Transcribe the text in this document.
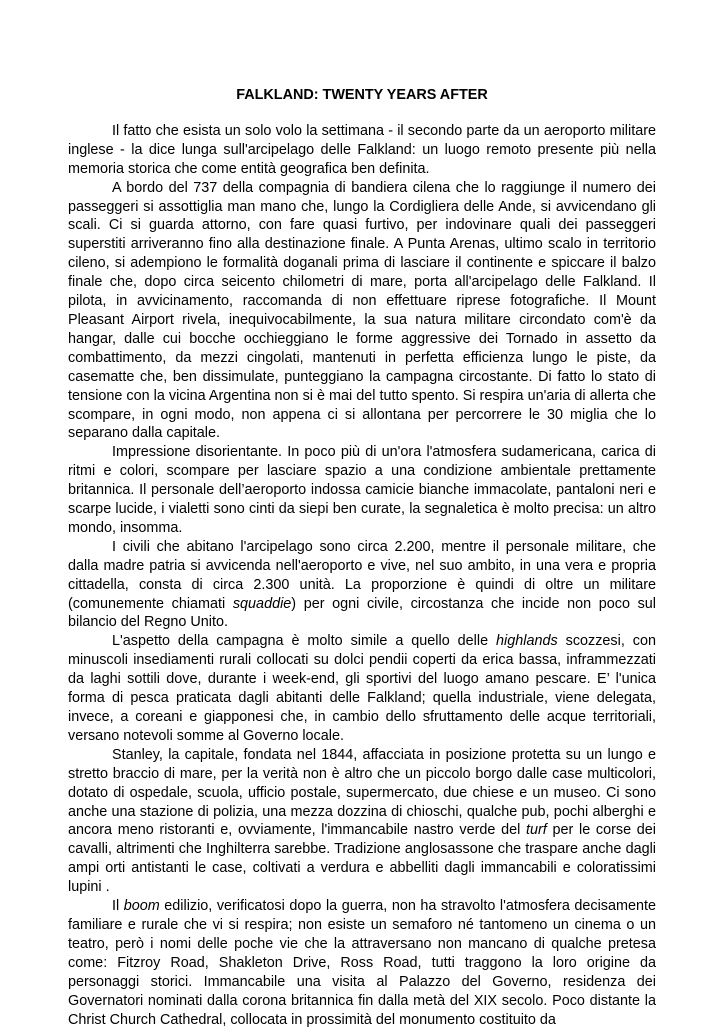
FALKLAND: TWENTY YEARS AFTER

Il fatto che esista un solo volo la settimana - il secondo parte da un aeroporto militare inglese - la dice lunga sull'arcipelago delle Falkland: un luogo remoto presente più nella memoria storica che come entità geografica ben definita.

A bordo del 737 della compagnia di bandiera cilena che lo raggiunge il numero dei passeggeri si assottiglia man mano che, lungo la Cordigliera delle Ande, si avvicendano gli scali. Ci si guarda attorno, con fare quasi furtivo, per indovinare quali dei passeggeri superstiti arriveranno fino alla destinazione finale. A Punta Arenas, ultimo scalo in territorio cileno, si adempiono le formalità doganali prima di lasciare il continente e spiccare il balzo finale che, dopo circa seicento chilometri di mare, porta all'arcipelago delle Falkland. Il pilota, in avvicinamento, raccomanda di non effettuare riprese fotografiche. Il Mount Pleasant Airport rivela, inequivocabilmente, la sua natura militare circondato com'è da hangar, dalle cui bocche occhieggiano le forme aggressive dei Tornado in assetto da combattimento, da mezzi cingolati, mantenuti in perfetta efficienza lungo le piste, da casematte che, ben dissimulate, punteggiano la campagna circostante. Di fatto lo stato di tensione con la vicina Argentina non si è mai del tutto spento. Si respira un'aria di allerta che scompare, in ogni modo, non appena ci si allontana per percorrere le 30 miglia che lo separano dalla capitale.

Impressione disorientante. In poco più di un'ora l'atmosfera sudamericana, carica di ritmi e colori, scompare per lasciare spazio a una condizione ambientale prettamente britannica. Il personale dell’aeroporto indossa camicie bianche immacolate, pantaloni neri e scarpe lucide, i vialetti sono cinti da siepi ben curate, la segnaletica è molto precisa: un altro mondo, insomma.

I civili che abitano l'arcipelago sono circa 2.200, mentre il personale militare, che dalla madre patria si avvicenda nell'aeroporto e vive, nel suo ambito, in una vera e propria cittadella, consta di circa 2.300 unità. La proporzione è quindi di oltre un militare (comunemente chiamati squaddie) per ogni civile, circostanza che incide non poco sul bilancio del Regno Unito.

L'aspetto della campagna è molto simile a quello delle highlands scozzesi, con minuscoli insediamenti rurali collocati su dolci pendii coperti da erica bassa, inframmezzati da laghi sottili dove, durante i week-end, gli sportivi del luogo amano pescare. E’ l'unica forma di pesca praticata dagli abitanti delle Falkland; quella industriale, viene delegata, invece, a coreani e giapponesi che, in cambio dello sfruttamento delle acque territoriali, versano notevoli somme al Governo locale.

Stanley, la capitale, fondata nel 1844, affacciata in posizione protetta su un lungo e stretto braccio di mare, per la verità non è altro che un piccolo borgo dalle case multicolori, dotato di ospedale, scuola, ufficio postale, supermercato, due chiese e un museo. Ci sono anche una stazione di polizia, una mezza dozzina di chioschi, qualche pub, pochi alberghi e ancora meno ristoranti e, ovviamente, l'immancabile nastro verde del turf per le corse dei cavalli, altrimenti che Inghilterra sarebbe. Tradizione anglosassone che traspare anche dagli ampi orti antistanti le case, coltivati a verdura e abbelliti dagli immancabili e coloratissimi lupini .

Il boom edilizio, verificatosi dopo la guerra, non ha stravolto l'atmosfera decisamente familiare e rurale che vi si respira; non esiste un semaforo né tantomeno un cinema o un teatro, però i nomi delle poche vie che la attraversano non mancano di qualche pretesa come: Fitzroy Road, Shakleton Drive, Ross Road, tutti traggono la loro origine da personaggi storici. Immancabile una visita al Palazzo del Governo, residenza dei Governatori nominati dalla corona britannica fin dalla metà del XIX secolo. Poco distante la Christ Church Cathedral, collocata in prossimità del monumento costituito da
